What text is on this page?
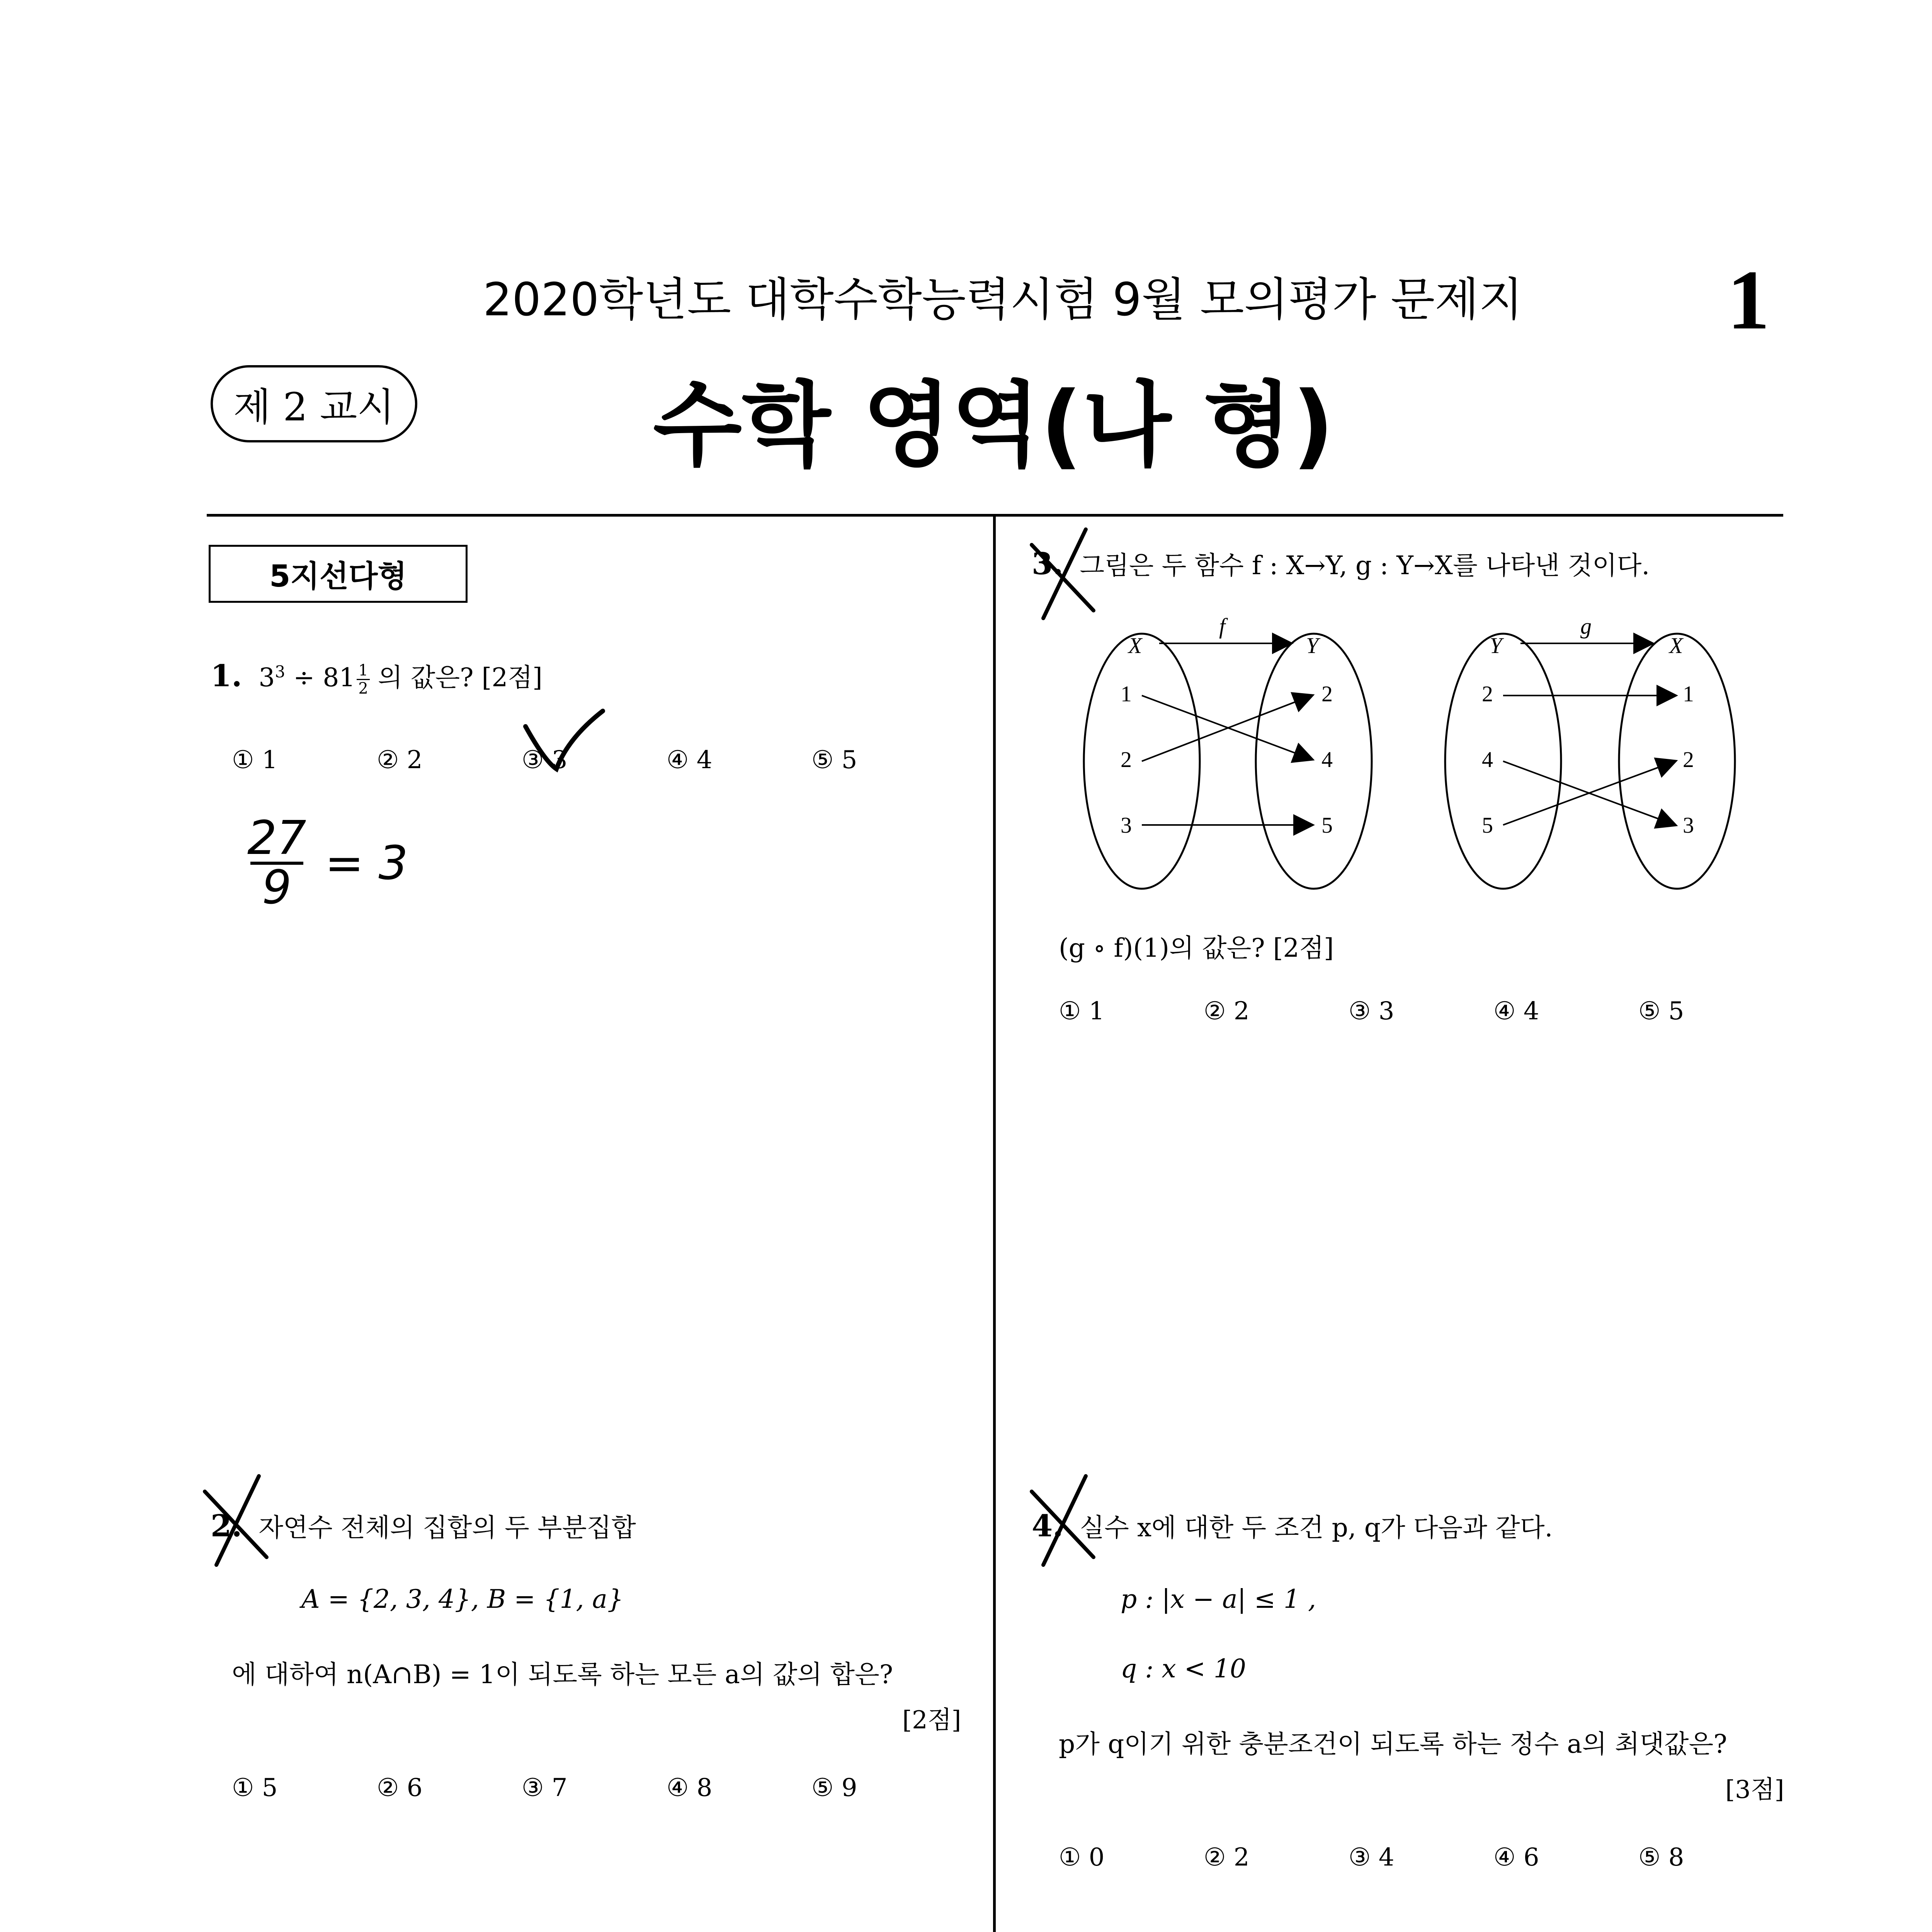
2020학년도 대학수학능력시험 9월 모의평가 문제지 1
제 2 교시	수학 영역(나 형)
5지선다형
1. $3^3 \div 81$ $^{\frac{1}{2}}$ 의 값은? [2점]
① 1	② 2	③ 3	④ 4	⑤ 5
$\frac{27}{9} = 3$
2. 자연수 전체의 집합의 두 부분집합
A = {2, 3, 4}, B = {1, a}
에 대하여 n(A∩B) = 1이 되도록 하는 모든 a의 값의 합은?
[2점]
① 5	② 6	③ 7	④ 8	⑤ 9
3. 그림은 두 함수 f : X→Y, g : Y→X를 나타낸 것이다.
X	Y
f
1
2
3
2
4
5
Y	X
g
2
4
5
1
2
3
(g ∘ f)(1)의 값은? [2점]
① 1	② 2	③ 3	④ 4	⑤ 5
4. 실수 x에 대한 두 조건 p, q가 다음과 같다.
p : |x − a| ≤ 1 ,
q : x < 10
p가 q이기 위한 충분조건이 되도록 하는 정수 a의 최댓값은?
[3점]
① 0	② 2	③ 4	④ 6	⑤ 8
